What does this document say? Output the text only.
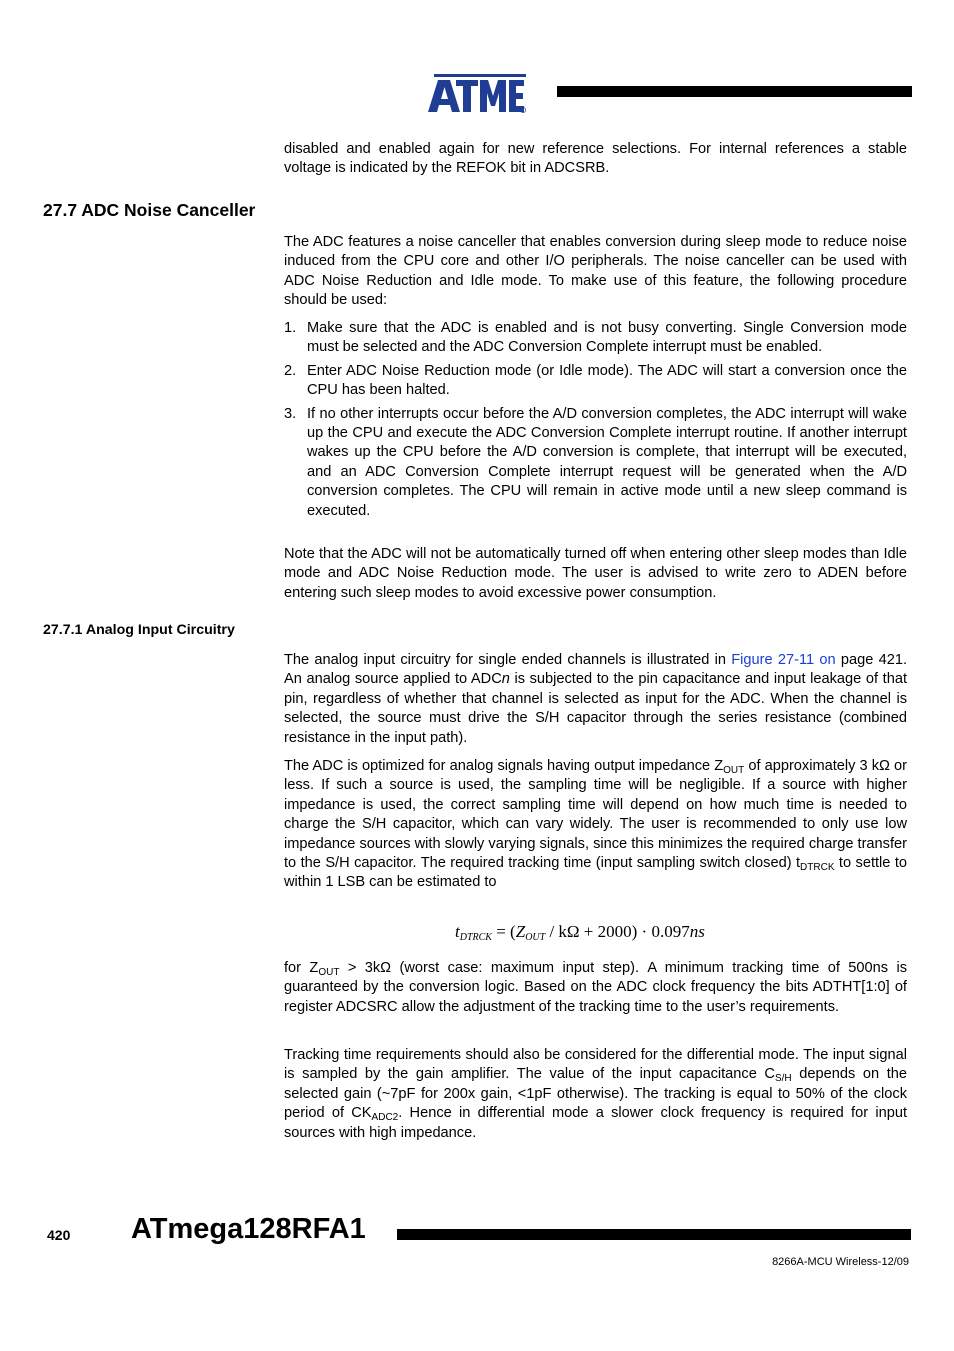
disabled and enabled again for new reference selections. For internal references a stable voltage is indicated by the REFOK bit in ADCSRB.

27.7 ADC Noise Canceller

The ADC features a noise canceller that enables conversion during sleep mode to reduce noise induced from the CPU core and other I/O peripherals. The noise canceller can be used with ADC Noise Reduction and Idle mode. To make use of this feature, the following procedure should be used:

1. Make sure that the ADC is enabled and is not busy converting. Single Conversion mode must be selected and the ADC Conversion Complete interrupt must be enabled.
2. Enter ADC Noise Reduction mode (or Idle mode). The ADC will start a conversion once the CPU has been halted.
3. If no other interrupts occur before the A/D conversion completes, the ADC interrupt will wake up the CPU and execute the ADC Conversion Complete interrupt routine. If another interrupt wakes up the CPU before the A/D conversion is complete, that interrupt will be executed, and an ADC Conversion Complete interrupt request will be generated when the A/D conversion completes. The CPU will remain in active mode until a new sleep command is executed.

Note that the ADC will not be automatically turned off when entering other sleep modes than Idle mode and ADC Noise Reduction mode. The user is advised to write zero to ADEN before entering such sleep modes to avoid excessive power consumption.

27.7.1 Analog Input Circuitry

The analog input circuitry for single ended channels is illustrated in Figure 27-11 on page 421. An analog source applied to ADCn is subjected to the pin capacitance and input leakage of that pin, regardless of whether that channel is selected as input for the ADC. When the channel is selected, the source must drive the S/H capacitor through the series resistance (combined resistance in the input path).

The ADC is optimized for analog signals having output impedance $Z_{OUT}$ of approximately 3 kΩ or less. If such a source is used, the sampling time will be negligible. If a source with higher impedance is used, the correct sampling time will depend on how much time is needed to charge the S/H capacitor, which can vary widely. The user is recommended to only use low impedance sources with slowly varying signals, since this minimizes the required charge transfer to the S/H capacitor. The required tracking time (input sampling switch closed) $t_{DTRCK}$ to settle to within 1 LSB can be estimated to

$t_{DTRCK} = (Z_{OUT} / k\Omega + 2000) \cdot 0.097ns$

for $Z_{OUT} > 3k\Omega$ (worst case: maximum input step). A minimum tracking time of 500ns is guaranteed by the conversion logic. Based on the ADC clock frequency the bits ADTHT[1:0] of register ADCSRC allow the adjustment of the tracking time to the user’s requirements.

Tracking time requirements should also be considered for the differential mode. The input signal is sampled by the gain amplifier. The value of the input capacitance $C_{S/H}$ depends on the selected gain (~7pF for 200x gain, <1pF otherwise). The tracking is equal to 50% of the clock period of $CK_{ADC2}$. Hence in differential mode a slower clock frequency is required for input sources with high impedance.

420 ATmega128RFA1
8266A-MCU Wireless-12/09
